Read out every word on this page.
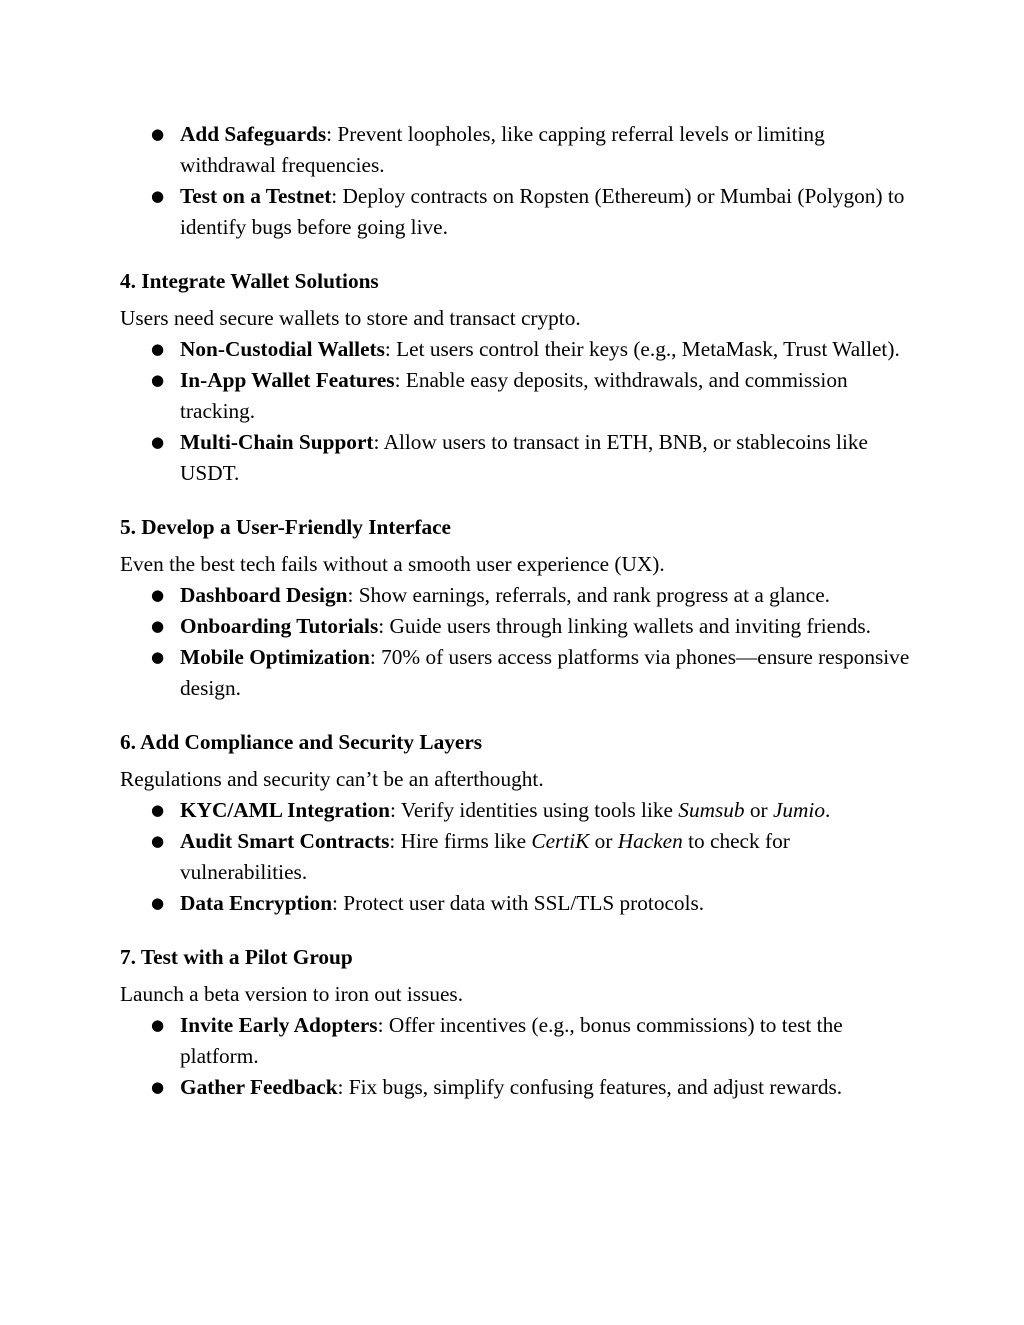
● Add Safeguards: Prevent loopholes, like capping referral levels or limiting withdrawal frequencies.
● Test on a Testnet: Deploy contracts on Ropsten (Ethereum) or Mumbai (Polygon) to identify bugs before going live.
4. Integrate Wallet Solutions

Users need secure wallets to store and transact crypto.

● Non-Custodial Wallets: Let users control their keys (e.g., MetaMask, Trust Wallet).
● In-App Wallet Features: Enable easy deposits, withdrawals, and commission tracking.
● Multi-Chain Support: Allow users to transact in ETH, BNB, or stablecoins like USDT.
5. Develop a User-Friendly Interface

Even the best tech fails without a smooth user experience (UX).

● Dashboard Design: Show earnings, referrals, and rank progress at a glance.
● Onboarding Tutorials: Guide users through linking wallets and inviting friends.
● Mobile Optimization: 70% of users access platforms via phones—ensure responsive design.
6. Add Compliance and Security Layers

Regulations and security can’t be an afterthought.

● KYC/AML Integration: Verify identities using tools like Sumsub or Jumio.
● Audit Smart Contracts: Hire firms like CertiK or Hacken to check for vulnerabilities.
● Data Encryption: Protect user data with SSL/TLS protocols.
7. Test with a Pilot Group

Launch a beta version to iron out issues.

● Invite Early Adopters: Offer incentives (e.g., bonus commissions) to test the platform.
● Gather Feedback: Fix bugs, simplify confusing features, and adjust rewards.
